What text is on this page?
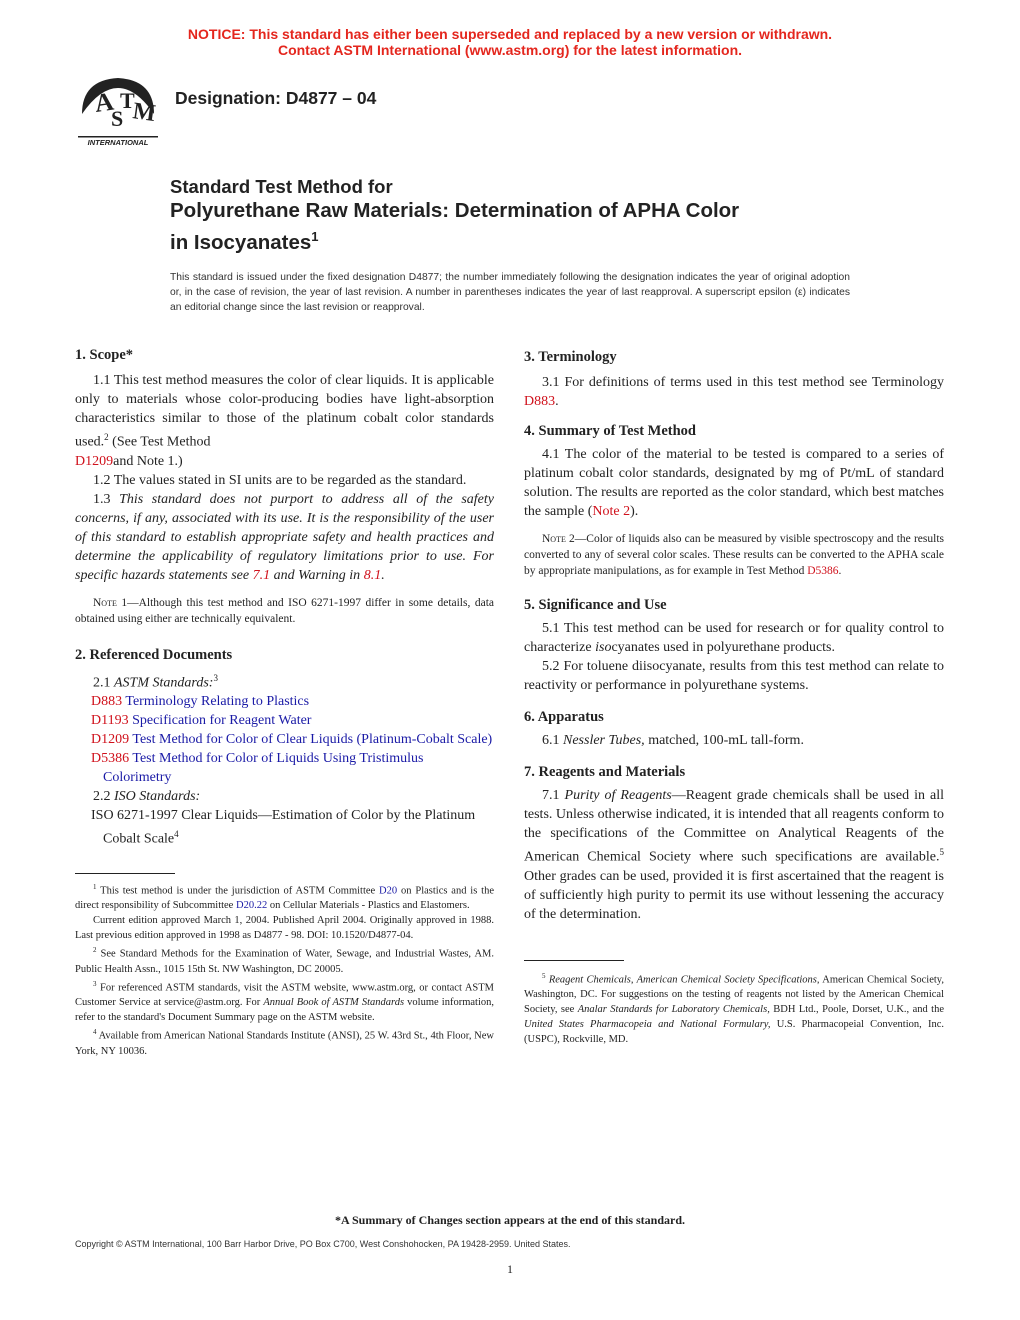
NOTICE: This standard has either been superseded and replaced by a new version or withdrawn.
Contact ASTM International (www.astm.org) for the latest information.
A
S
T
M
INTERNATIONAL
Designation: D4877 – 04
Standard Test Method for
Polyurethane Raw Materials: Determination of APHA Color
in Isocyanates$^1$
This standard is issued under the fixed designation D4877; the number immediately following the designation indicates the year of original adoption or, in the case of revision, the year of last revision. A number in parentheses indicates the year of last reapproval. A superscript epsilon (ε) indicates an editorial change since the last revision or reapproval.
1. Scope*

1.1 This test method measures the color of clear liquids. It is applicable only to materials whose color-producing bodies have light-absorption characteristics similar to those of the platinum cobalt color standards used.$^2$ (See Test Method
D1209and Note 1.)

1.2 The values stated in SI units are to be regarded as the standard.

1.3 This standard does not purport to address all of the safety concerns, if any, associated with its use. It is the responsibility of the user of this standard to establish appropriate safety and health practices and determine the applicability of regulatory limitations prior to use. For specific hazards statements see 7.1 and Warning in 8.1.

Note 1—Although this test method and ISO 6271-1997 differ in some details, data obtained using either are technically equivalent.

2. Referenced Documents

2.1 ASTM Standards:$^3$

D883 Terminology Relating to Plastics

D1193 Specification for Reagent Water

D1209 Test Method for Color of Clear Liquids (Platinum-Cobalt Scale)

D5386 Test Method for Color of Liquids Using Tristimulus Colorimetry

2.2 ISO Standards:

ISO 6271-1997 Clear Liquids—Estimation of Color by the Platinum Cobalt Scale$^4$

$^1$ This test method is under the jurisdiction of ASTM Committee D20 on Plastics and is the direct responsibility of Subcommittee D20.22 on Cellular Materials - Plastics and Elastomers.

Current edition approved March 1, 2004. Published April 2004. Originally approved in 1988. Last previous edition approved in 1998 as D4877 - 98. DOI: 10.1520/D4877-04.

$^2$ See Standard Methods for the Examination of Water, Sewage, and Industrial Wastes, AM. Public Health Assn., 1015 15th St. NW Washington, DC 20005.

$^3$ For referenced ASTM standards, visit the ASTM website, www.astm.org, or contact ASTM Customer Service at service@astm.org. For Annual Book of ASTM Standards volume information, refer to the standard's Document Summary page on the ASTM website.

$^4$ Available from American National Standards Institute (ANSI), 25 W. 43rd St., 4th Floor, New York, NY 10036.

3. Terminology

3.1 For definitions of terms used in this test method see Terminology D883.

4. Summary of Test Method

4.1 The color of the material to be tested is compared to a series of platinum cobalt color standards, designated by mg of Pt/mL of standard solution. The results are reported as the color standard, which best matches the sample (Note 2).

Note 2—Color of liquids also can be measured by visible spectroscopy and the results converted to any of several color scales. These results can be converted to the APHA scale by appropriate manipulations, as for example in Test Method D5386.

5. Significance and Use

5.1 This test method can be used for research or for quality control to characterize isocyanates used in polyurethane products.

5.2 For toluene diisocyanate, results from this test method can relate to reactivity or performance in polyurethane systems.

6. Apparatus

6.1 Nessler Tubes, matched, 100-mL tall-form.

7. Reagents and Materials

7.1 Purity of Reagents—Reagent grade chemicals shall be used in all tests. Unless otherwise indicated, it is intended that all reagents conform to the specifications of the Committee on Analytical Reagents of the American Chemical Society where such specifications are available.$^5$ Other grades can be used, provided it is first ascertained that the reagent is of sufficiently high purity to permit its use without lessening the accuracy of the determination.

$^5$ Reagent Chemicals, American Chemical Society Specifications, American Chemical Society, Washington, DC. For suggestions on the testing of reagents not listed by the American Chemical Society, see Analar Standards for Laboratory Chemicals, BDH Ltd., Poole, Dorset, U.K., and the United States Pharmacopeia and National Formulary, U.S. Pharmacopeial Convention, Inc. (USPC), Rockville, MD.

*A Summary of Changes section appears at the end of this standard.
Copyright © ASTM International, 100 Barr Harbor Drive, PO Box C700, West Conshohocken, PA 19428-2959. United States.
1
